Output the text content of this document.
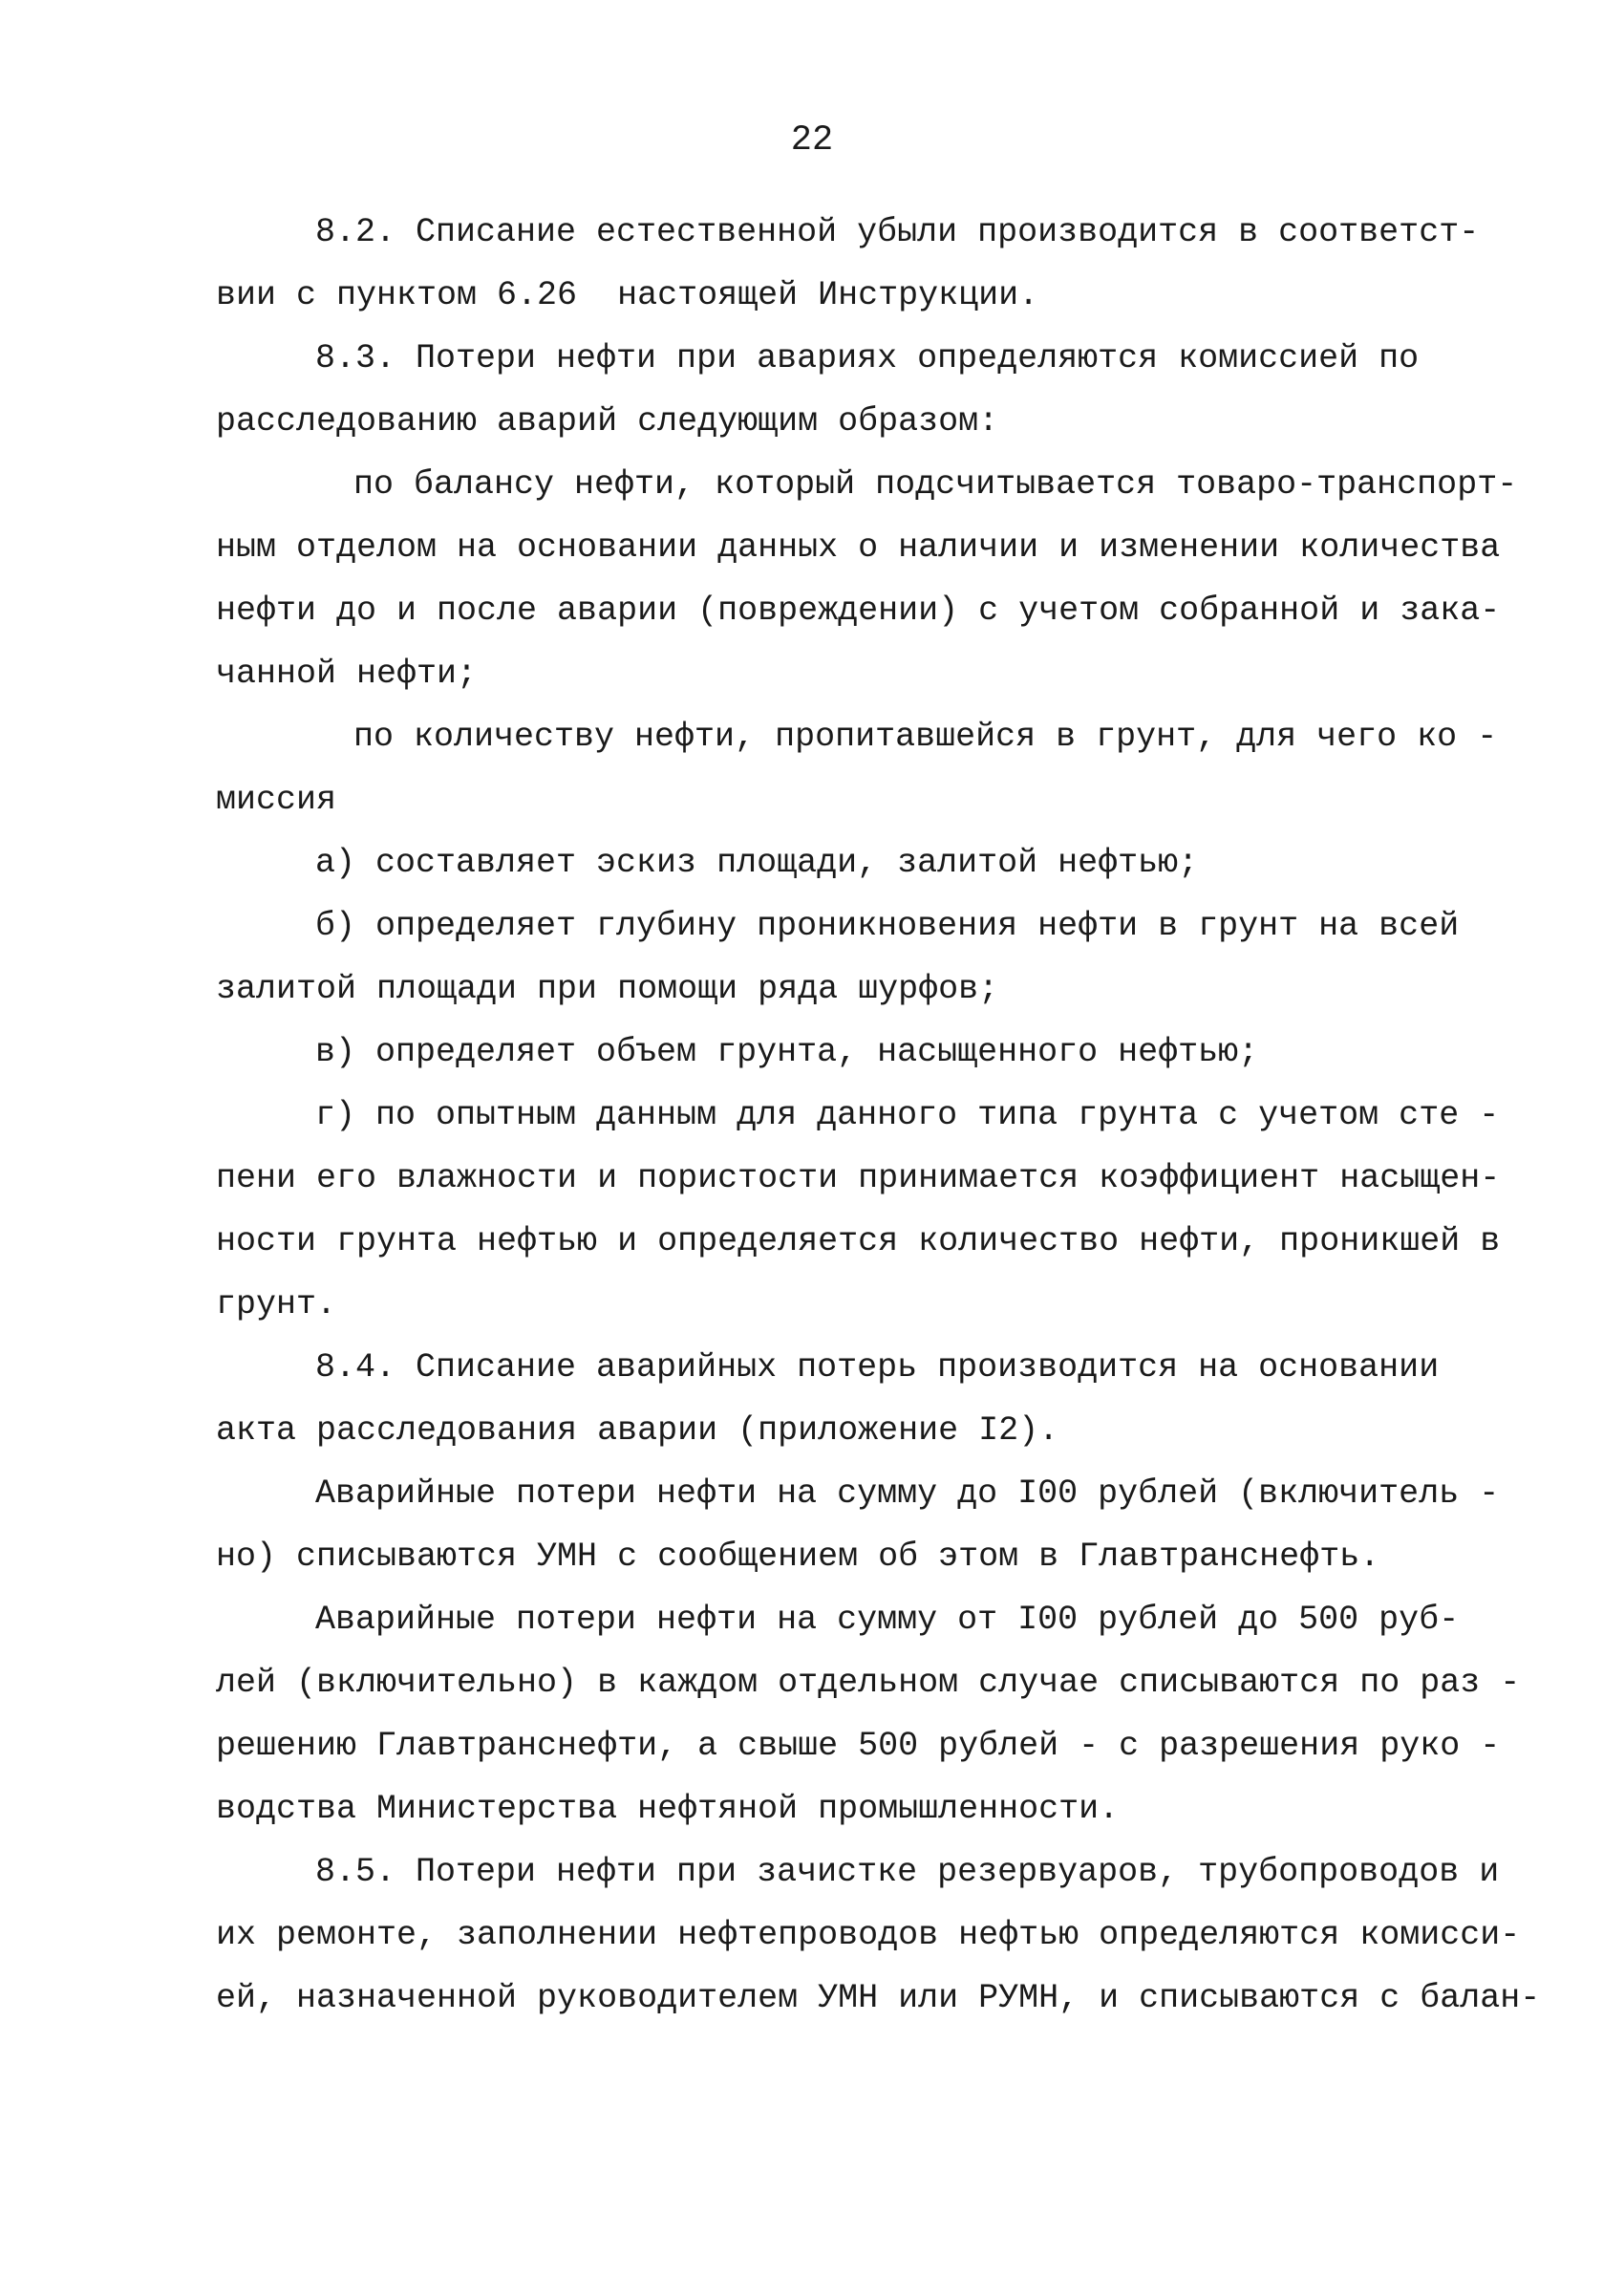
22
8.2. Списание естественной убыли производится в соответст-
вии с пунктом 6.26  настоящей Инструкции.
8.3. Потери нефти при авариях определяются комиссией по
расследованию аварий следующим образом:
по балансу нефти, который подсчитывается товаро-транспорт-
ным отделом на основании данных о наличии и изменении количества
нефти до и после аварии (повреждении) с учетом собранной и зака-
чанной нефти;
по количеству нефти, пропитавшейся в грунт, для чего ко -
миссия
а) составляет эскиз площади, залитой нефтью;
б) определяет глубину проникновения нефти в грунт на всей
залитой площади при помощи ряда шурфов;
в) определяет объем грунта, насыщенного нефтью;
г) по опытным данным для данного типа грунта с учетом сте -
пени его влажности и пористости принимается коэффициент насыщен-
ности грунта нефтью и определяется количество нефти, проникшей в
грунт.
8.4. Списание аварийных потерь производится на основании
акта расследования аварии (приложение I2).
Аварийные потери нефти на сумму до I00 рублей (включитель -
но) списываются УМН с сообщением об этом в Главтранснефть.
Аварийные потери нефти на сумму от I00 рублей до 500 руб-
лей (включительно) в каждом отдельном случае списываются по раз -
решению Главтранснефти, а свыше 500 рублей - с разрешения руко -
водства Министерства нефтяной промышленности.
8.5. Потери нефти при зачистке резервуаров, трубопроводов и
их ремонте, заполнении нефтепроводов нефтью определяются комисси-
ей, назначенной руководителем УМН или РУМН, и списываются с балан-
